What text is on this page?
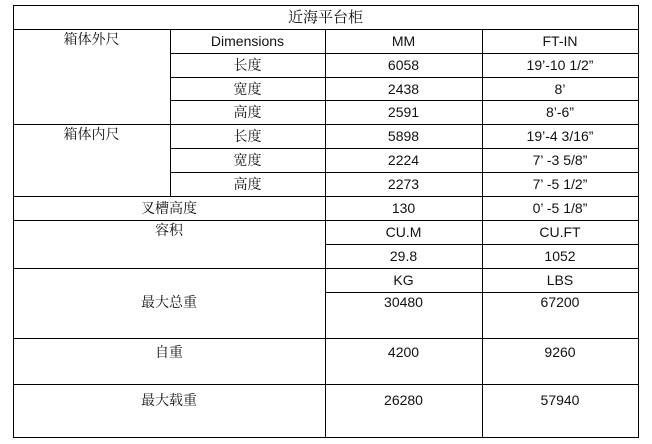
近海平台柜
箱体外尺	Dimensions	MM	FT-IN
长度	6058	19’-10 1/2”
宽度	2438	8’
高度	2591	8’-6”
箱体内尺	长度	5898	19’-4 3/16”
宽度	2224	7’ -3 5/8”
高度	2273	7’ -5 1/2”
叉槽高度	130	0’ -5 1/8”
容积	CU.M	CU.FT
29.8	1052
KG	LBS
最大总重	30480	67200
自重	4200	9260
最大载重	26280	57940
